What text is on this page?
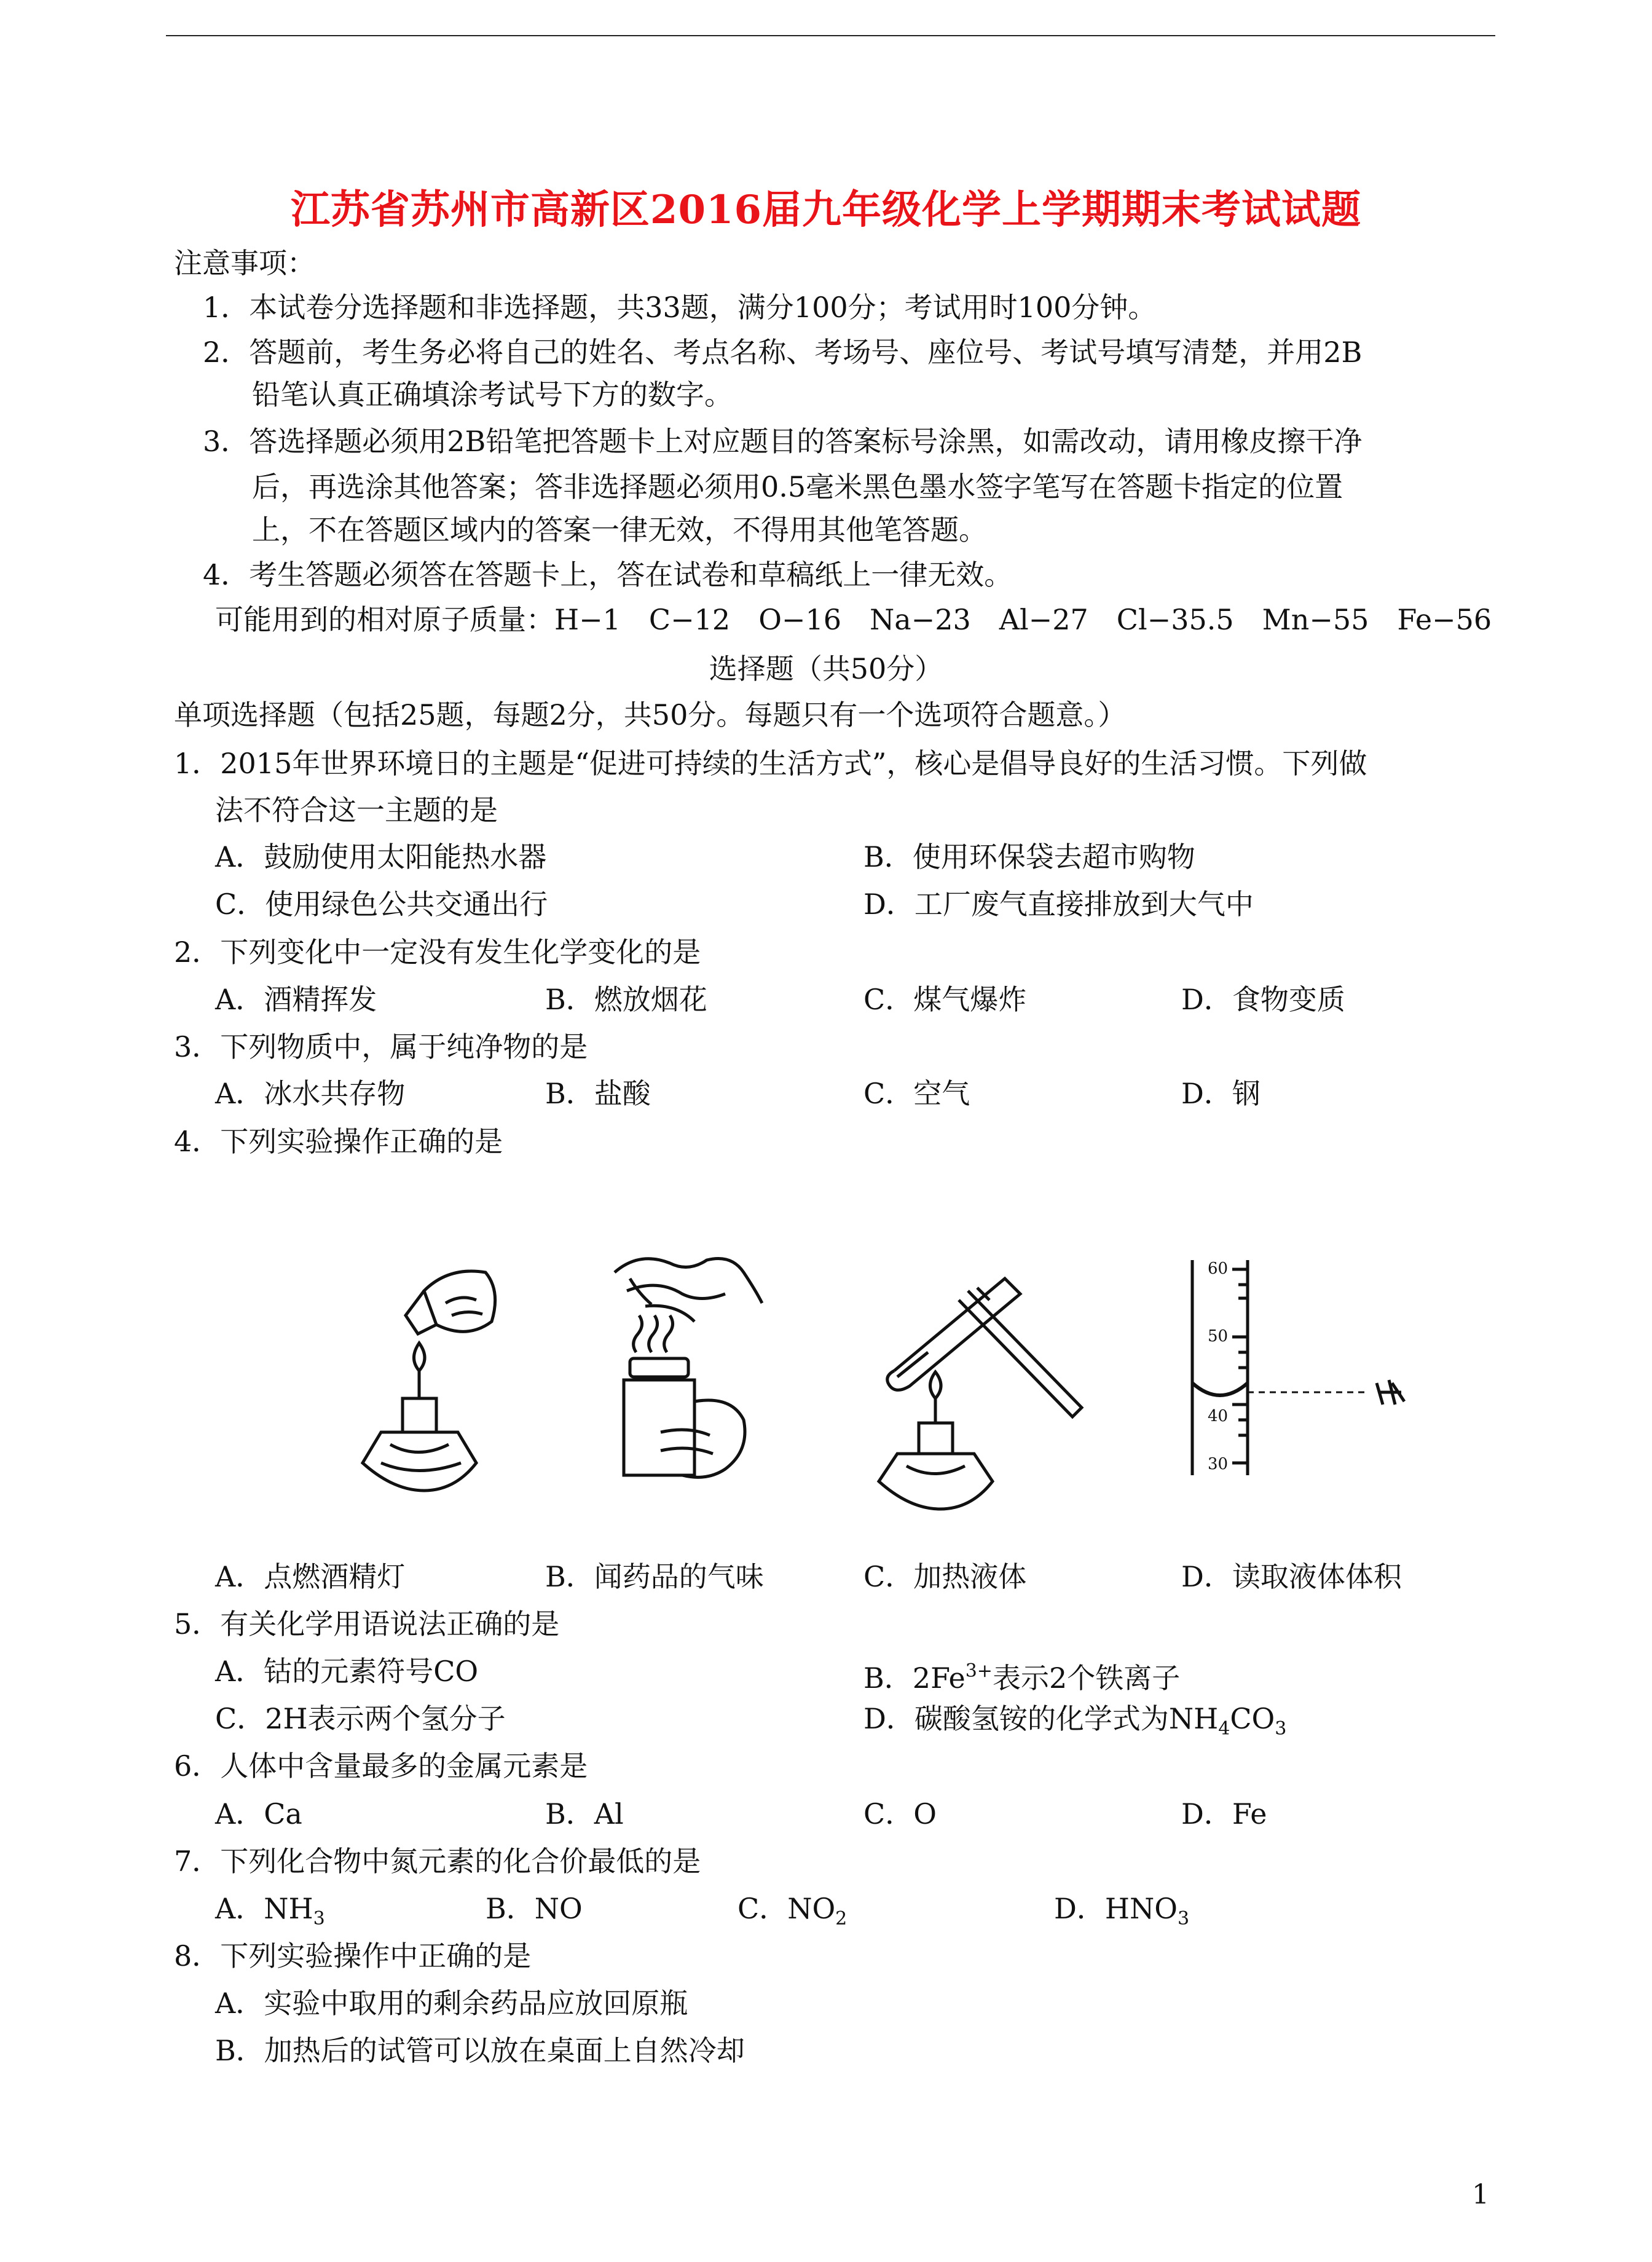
江苏省苏州市高新区2016届九年级化学上学期期末考试试题
注意事项：
1．本试卷分选择题和非选择题，共33题，满分100分；考试用时100分钟。
2．答题前，考生务必将自己的姓名、考点名称、考场号、座位号、考试号填写清楚，并用2B
铅笔认真正确填涂考试号下方的数字。
3．答选择题必须用2B铅笔把答题卡上对应题目的答案标号涂黑，如需改动，请用橡皮擦干净
后，再选涂其他答案；答非选择题必须用0.5毫米黑色墨水签字笔写在答题卡指定的位置
上，不在答题区域内的答案一律无效，不得用其他笔答题。
4．考生答题必须答在答题卡上，答在试卷和草稿纸上一律无效。
可能用到的相对原子质量：H−1　C−12　O−16　Na−23　Al−27　Cl−35.5　Mn−55　Fe−56
选择题（共50分）
单项选择题（包括25题，每题2分，共50分。每题只有一个选项符合题意。）
1．2015年世界环境日的主题是“促进可持续的生活方式”，核心是倡导良好的生活习惯。下列做
法不符合这一主题的是
A．鼓励使用太阳能热水器	B．使用环保袋去超市购物
C．使用绿色公共交通出行	D．工厂废气直接排放到大气中
2．下列变化中一定没有发生化学变化的是
A．酒精挥发	B．燃放烟花	C．煤气爆炸	D．食物变质
3．下列物质中，属于纯净物的是
A．冰水共存物	B．盐酸	C．空气	D．钢
4．下列实验操作正确的是
60
50
40
30
A．点燃酒精灯	B．闻药品的气味	C．加热液体	D．读取液体体积
5．有关化学用语说法正确的是
A．钴的元素符号CO	B．$2Fe^{3+}$表示2个铁离子
C．2H表示两个氢分子	D．碳酸氢铵的化学式为$NH_4CO_3$
6．人体中含量最多的金属元素是
A．Ca	B．Al	C．O	D．Fe
7．下列化合物中氮元素的化合价最低的是
A．$NH_3$	B．NO	C．$NO_2$	D．$HNO_3$
8．下列实验操作中正确的是
A．实验中取用的剩余药品应放回原瓶
B．加热后的试管可以放在桌面上自然冷却
1
